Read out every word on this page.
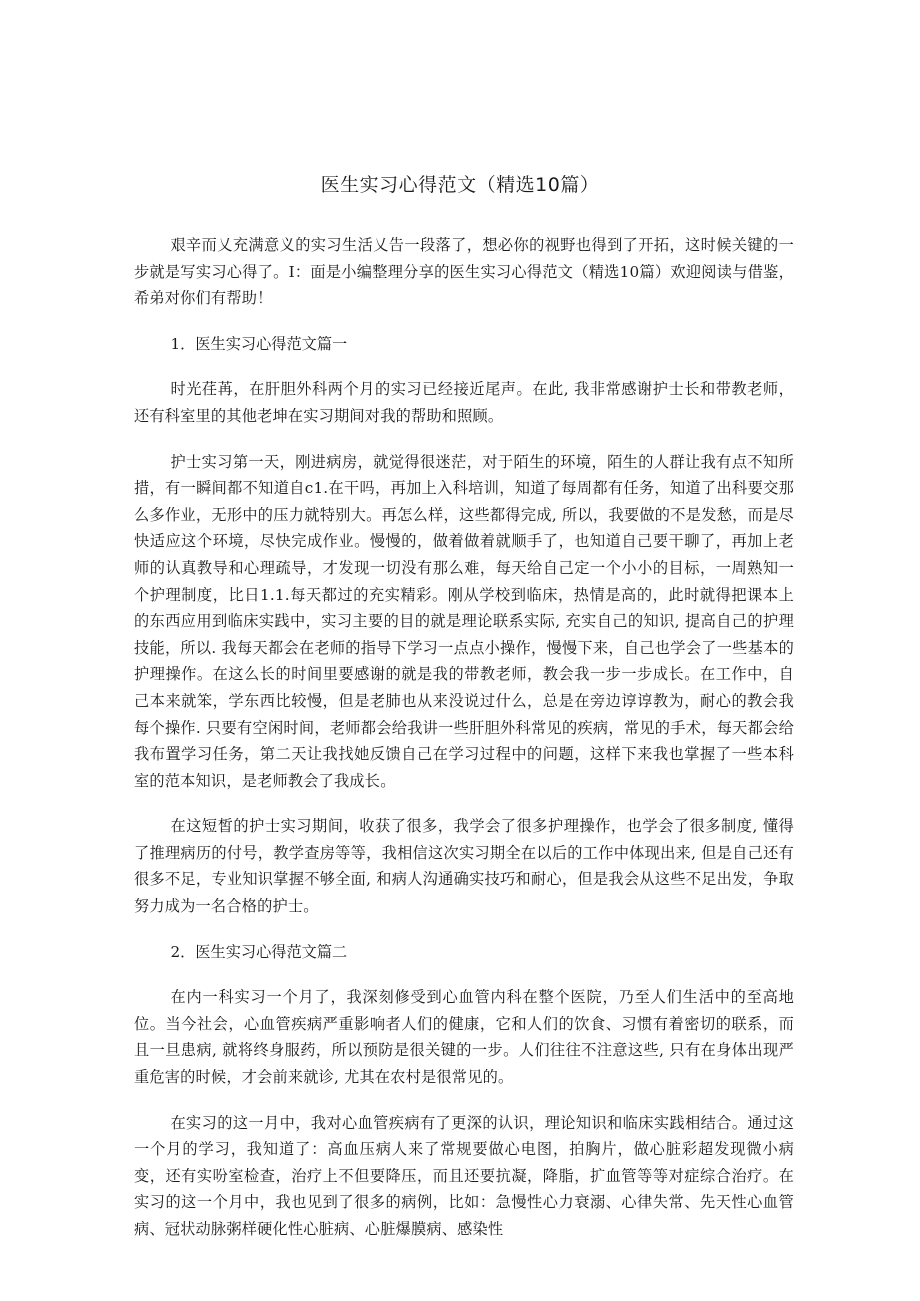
医生实习心得范文（精选10篇）

艰辛而乂充满意义的实习生活乂告一段落了，想必你的视野也得到了开拓，这时候关键的一步就是写实习心得了。I：面是小编整理分享的医生实习心得范文（精选10篇）欢迎阅读与借鉴，希弟对你们有帮助！

1．医生实习心得范文篇一

时光荏苒，在肝胆外科两个月的实习已经接近尾声。在此, 我非常感谢护士长和带教老师，还有科室里的其他老坤在实习期间对我的帮助和照顾。

护士实习第一天，刚进病房，就觉得很迷茫，对于陌生的环境，陌生的人群让我有点不知所措，有一瞬间都不知道自c1.在干吗，再加上入科培训，知道了每周都有任务，知道了出科要交那么多作业，无形中的压力就特别大。再怎么样，这些都得完成, 所以，我要做的不是发愁，而是尽快适应这个环境，尽快完成作业。慢慢的，做着做着就顺手了，也知道自己要干聊了，再加上老师的认真教导和心理疏导，才发现一切没有那么难，每天给自己定一个小小的目标，一周熟知一个护理制度，比日1.1.每天都过的充实精彩。刚从学校到临床，热情是高的，此时就得把课本上的东西应用到临床实践中，实习主要的目的就是理论联系实际, 充实自己的知识, 提高自己的护理技能，所以. 我每天都会在老师的指导下学习一点点小操作，慢慢下来，自己也学会了一些基本的护理操作。在这么长的时间里要感谢的就是我的带教老师，教会我一步一步成长。在工作中，自己本来就笨，学东西比较慢，但是老肺也从来没说过什么，总是在旁边谆谆教为，耐心的教会我每个操作. 只要有空闲时间，老师都会给我讲一些肝胆外科常见的疾病，常见的手术，每天都会给我布置学习任务，第二天让我找她反馈自己在学习过程中的问题，这样下来我也掌握了一些本科室的范本知识，是老师教会了我成长。

在这短皙的护士实习期间，收获了很多，我学会了很多护理操作，也学会了很多制度, 懂得了推理病历的付号，教学查房等等，我相信这次实习期全在以后的工作中体现出来, 但是自己还有很多不足，专业知识掌握不够全面, 和病人沟通确实技巧和耐心，但是我会从这些不足出发，争取努力成为一名合格的护士。

2．医生实习心得范文篇二

在内一科实习一个月了，我深刻修受到心血管内科在整个医院，乃至人们生活中的至高地位。当今社会，心血管疾病严重影响者人们的健康，它和人们的饮食、习惯有着密切的联系，而且一旦患病, 就将终身服药，所以预防是很关键的一步。人们往往不注意这些, 只有在身体出现严重危害的时候，才会前来就诊, 尤其在农村是很常见的。

在实习的这一月中，我对心血管疾病有了更深的认识，理论知识和临床实践相结合。通过这一个月的学习，我知道了：高血压病人来了常规要做心电图，拍胸片，做心脏彩超发现微小病变，还有实吩室检查，治疗上不但要降压，而且还要抗凝，降脂，扩血管等等对症综合治疗。在实习的这一个月中，我也见到了很多的病例，比如：急慢性心力衰溺、心律失常、先天性心血管病、冠状动脉粥样硬化性心脏病、心脏爆膜病、感染性
